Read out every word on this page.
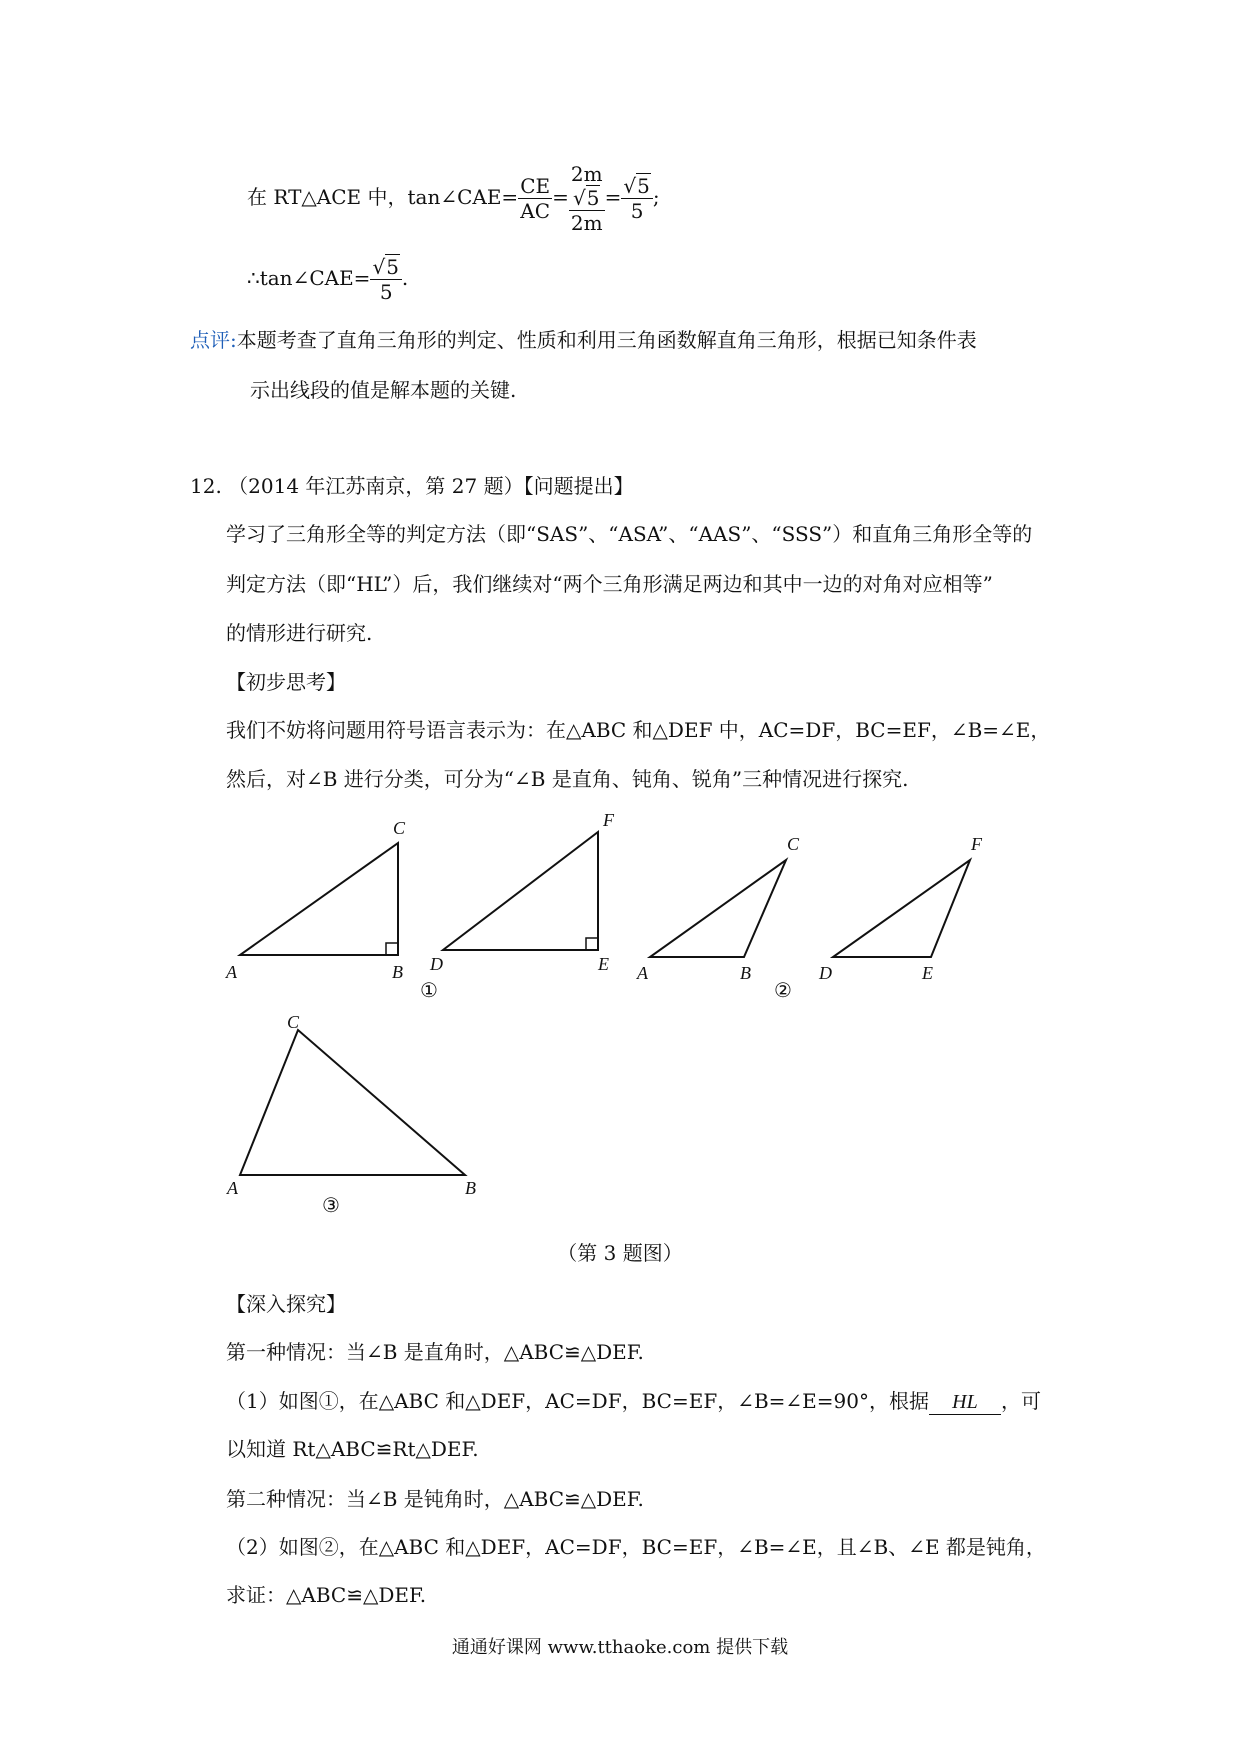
在 RT△ACE 中，tan∠CAE= $\frac{CE}{AC} = 2m$
√5
$2m = \frac{√5}{5}$ ;
∴tan∠CAE= $\frac{√5}{5}$ .
点评:本题考查了直角三角形的判定、性质和利用三角函数解直角三角形，根据已知条件表
示出线段的值是解本题的关键.
12. （2014 年江苏南京，第 27 题）【问题提出】
学习了三角形全等的判定方法（即“SAS”、“ASA”、“AAS”、“SSS”）和直角三角形全等的
判定方法（即“HL”）后，我们继续对“两个三角形满足两边和其中一边的对角对应相等”
的情形进行研究.
【初步思考】
我们不妨将问题用符号语言表示为：在△ABC 和△DEF 中，AC=DF，BC=EF，∠B=∠E，
然后，对∠B 进行分类，可分为“∠B 是直角、钝角、锐角”三种情况进行探究.
A	B
C
D	E
F
①
A	B
C
D	E
F
②
A	B
C
③
（第 3 题图）
【深入探究】
第一种情况：当∠B 是直角时，△ABC≌△DEF.
（1）如图①，在△ABC 和△DEF，AC=DF，BC=EF，∠B=∠E=90°，根据 HL ，可
以知道 Rt△ABC≌Rt△DEF.
第二种情况：当∠B 是钝角时，△ABC≌△DEF.
（2）如图②，在△ABC 和△DEF，AC=DF，BC=EF，∠B=∠E，且∠B、∠E 都是钝角，
求证：△ABC≌△DEF.
通通好课网 www.tthaoke.com 提供下载
